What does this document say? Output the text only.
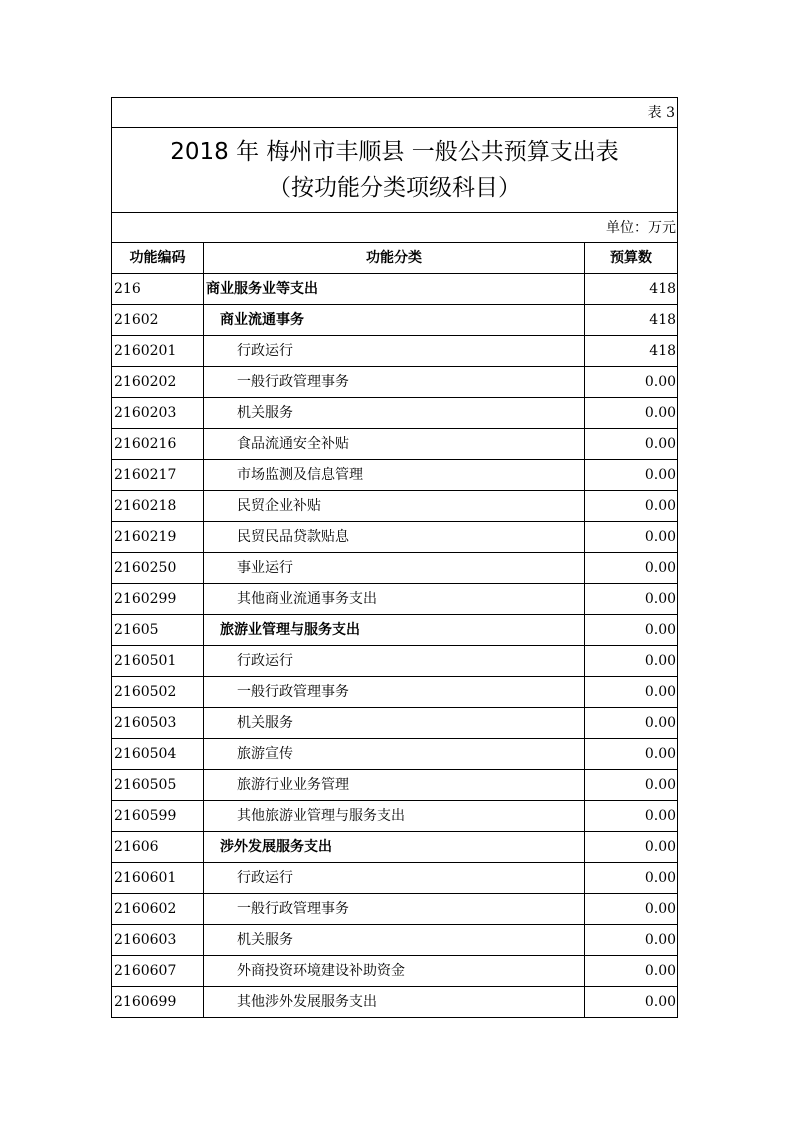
表 3		

2018 年 梅州市丰顺县 一般公共预算支出表
（按功能分类项级科目）		

单位：万元		
功能编码	功能分类	预算数
216	商业服务业等支出	418
21602	商业流通事务	418
2160201	行政运行	418
2160202	一般行政管理事务	0.00
2160203	机关服务	0.00
2160216	食品流通安全补贴	0.00
2160217	市场监测及信息管理	0.00
2160218	民贸企业补贴	0.00
2160219	民贸民品贷款贴息	0.00
2160250	事业运行	0.00
2160299	其他商业流通事务支出	0.00
21605	旅游业管理与服务支出	0.00
2160501	行政运行	0.00
2160502	一般行政管理事务	0.00
2160503	机关服务	0.00
2160504	旅游宣传	0.00
2160505	旅游行业业务管理	0.00
2160599	其他旅游业管理与服务支出	0.00
21606	涉外发展服务支出	0.00
2160601	行政运行	0.00
2160602	一般行政管理事务	0.00
2160603	机关服务	0.00
2160607	外商投资环境建设补助资金	0.00
2160699	其他涉外发展服务支出	0.00
